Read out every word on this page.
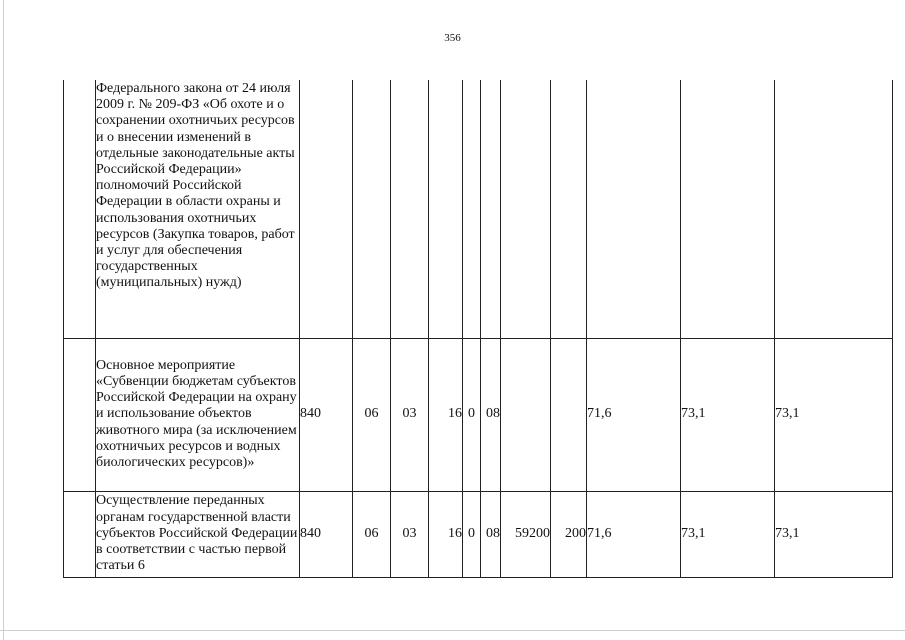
356
	Федерального закона от 24 июля 2009 г. № 209-ФЗ «Об охоте и о сохранении охотничьих ресурсов и о внесении изменений в отдельные законодательные акты Российской Федерации» полномочий Российской Федерации в области охраны и использования охотничьих ресурсов (Закупка товаров, работ и услуг для обеспечения государственных (муниципальных) нужд)											
	Основное мероприятие «Субвенции бюджетам субъектов Российской Федерации на охрану и использование объектов животного мира (за исключением охотничьих ресурсов и водных биологических ресурсов)»	840	06	03	16	0	08			71,6	73,1	73,1
	Осуществление переданных органам государственной власти субъектов Российской Федерации в соответствии с частью первой статьи 6	840	06	03	16	0	08	59200	200	71,6	73,1	73,1
